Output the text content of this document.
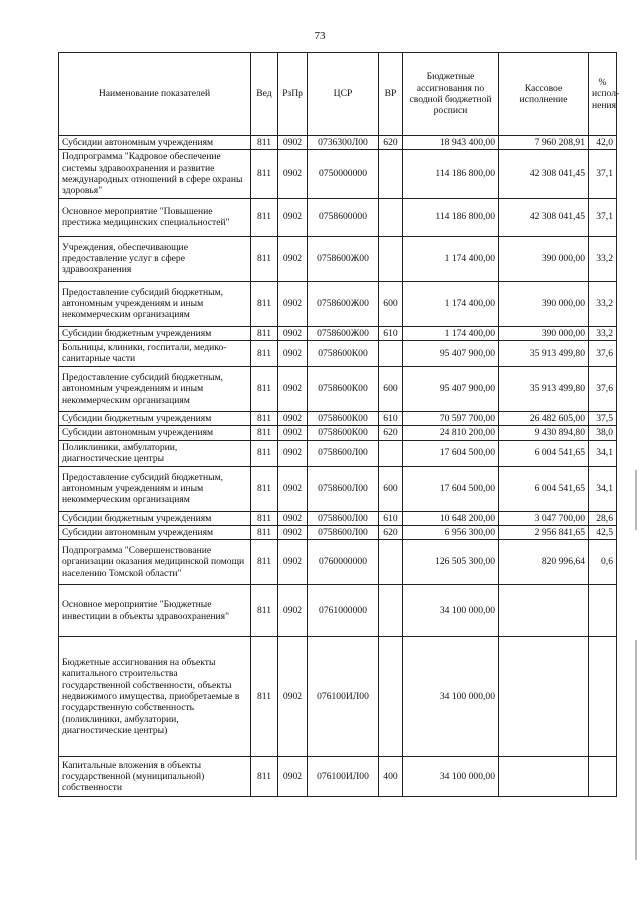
73
Наименование показателей	Вед	РзПр	ЦСР	ВР	Бюджетные ассигнования по сводной бюджетной росписи	Кассовое исполнение	% испол-нения
Субсидии автономным учреждениям	811	0902	0736300Л00	620	18 943 400,00	7 960 208,91	42,0
Подпрограмма "Кадровое обеспечение системы здравоохранения и развитие международных отношений в сфере охраны здоровья"	811	0902	0750000000		114 186 800,00	42 308 041,45	37,1
Основное мероприятие "Повышение престижа медицинских специальностей"	811	0902	0758600000		114 186 800,00	42 308 041,45	37,1
Учреждения, обеспечивающие предоставление услуг в сфере здравоохранения	811	0902	0758600Ж00		1 174 400,00	390 000,00	33,2
Предоставление субсидий бюджетным, автономным учреждениям и иным некоммерческим организациям	811	0902	0758600Ж00	600	1 174 400,00	390 000,00	33,2
Субсидии бюджетным учреждениям	811	0902	0758600Ж00	610	1 174 400,00	390 000,00	33,2
Больницы, клиники, госпитали, медико-санитарные части	811	0902	0758600К00		95 407 900,00	35 913 499,80	37,6
Предоставление субсидий бюджетным, автономным учреждениям и иным некоммерческим организациям	811	0902	0758600К00	600	95 407 900,00	35 913 499,80	37,6
Субсидии бюджетным учреждениям	811	0902	0758600К00	610	70 597 700,00	26 482 605,00	37,5
Субсидии автономным учреждениям	811	0902	0758600К00	620	24 810 200,00	9 430 894,80	38,0
Поликлиники, амбулатории, диагностические центры	811	0902	0758600Л00		17 604 500,00	6 004 541,65	34,1
Предоставление субсидий бюджетным, автономным учреждениям и иным некоммерческим организациям	811	0902	0758600Л00	600	17 604 500,00	6 004 541,65	34,1
Субсидии бюджетным учреждениям	811	0902	0758600Л00	610	10 648 200,00	3 047 700,00	28,6
Субсидии автономным учреждениям	811	0902	0758600Л00	620	6 956 300,00	2 956 841,65	42,5
Подпрограмма "Совершенствование организации оказания медицинской помощи населению Томской области"	811	0902	0760000000		126 505 300,00	820 996,64	0,6
Основное мероприятие "Бюджетные инвестиции в объекты здравоохранения"	811	0902	0761000000		34 100 000,00		
Бюджетные ассигнования на объекты капитального строительства государственной собственности, объекты недвижимого имущества, приобретаемые в государственную собственность (поликлиники, амбулатории, диагностические центры)	811	0902	076100ИЛ00		34 100 000,00		
Капитальные вложения в объекты государственной (муниципальной) собственности	811	0902	076100ИЛ00	400	34 100 000,00		
